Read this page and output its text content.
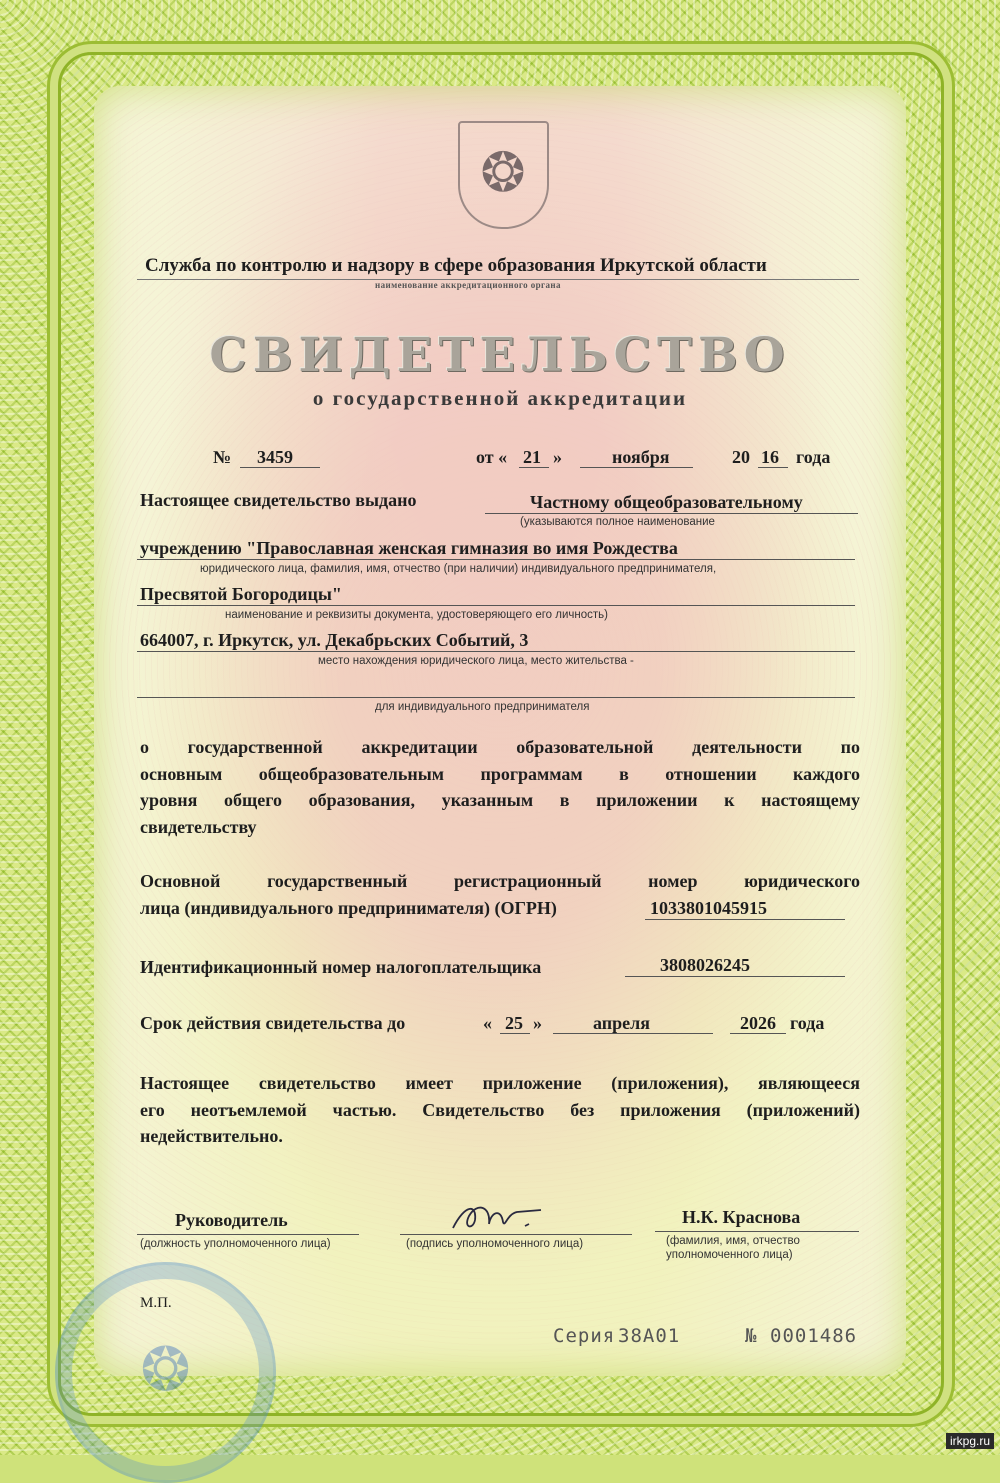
❂
Служба по контролю и надзору в сфере образования Иркутской области
наименование аккредитационного органа
СВИДЕТЕЛЬСТВО
о государственной аккредитации
№ 3459	от « 21 »	ноября	20 16 года
Настоящее свидетельство выдано	Частному общеобразовательному
(указываются полное наименование
учреждению "Православная женская гимназия во имя Рождества
юридического лица, фамилия, имя, отчество (при наличии) индивидуального предпринимателя,
Пресвятой Богородицы"
наименование и реквизиты документа, удостоверяющего его личность)
664007, г. Иркутск, ул. Декабрьских Событий, 3
место нахождения юридического лица, место жительства -
для индивидуального предпринимателя
о государственной аккредитации образовательной деятельности по
основным общеобразовательным программам в отношении каждого
уровня общего образования, указанным в приложении к настоящему
свидетельству
Основной государственный регистрационный номер юридического
лица (индивидуального предпринимателя) (ОГРН)	1033801045915
Идентификационный номер налогоплательщика	3808026245
Срок действия свидетельства до	« 25 »	апреля	2026 года
Настоящее свидетельство имеет приложение (приложения), являющееся
его неотъемлемой частью. Свидетельство без приложения (приложений)
недействительно.
Руководитель
(должность уполномоченного лица)	(подпись уполномоченного лица)
Н.К. Краснова
(фамилия, имя, отчество
уполномоченного лица)
❂
М.П.
Серия 38А01	№ 0001486
irkpg.ru
